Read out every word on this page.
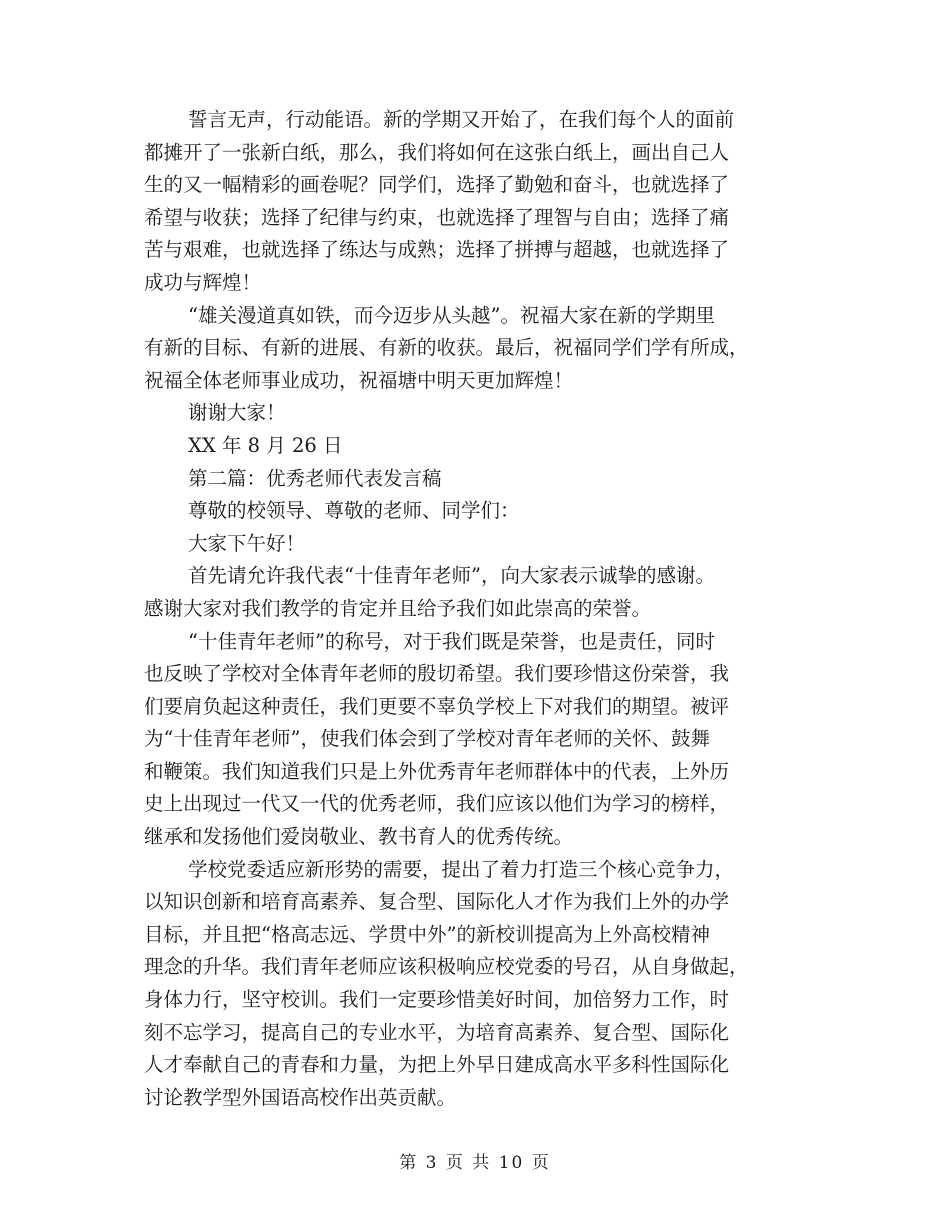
誓言无声，行动能语。新的学期又开始了，在我们每个人的面前
都摊开了一张新白纸，那么，我们将如何在这张白纸上，画出自己人
生的又一幅精彩的画卷呢？同学们，选择了勤勉和奋斗，也就选择了
希望与收获；选择了纪律与约束，也就选择了理智与自由；选择了痛
苦与艰难，也就选择了练达与成熟；选择了拼搏与超越，也就选择了
成功与辉煌！
“雄关漫道真如铁，而今迈步从头越”。祝福大家在新的学期里
有新的目标、有新的进展、有新的收获。最后，祝福同学们学有所成，
祝福全体老师事业成功，祝福塘中明天更加辉煌！
谢谢大家！
XX 年 8 月 26 日
第二篇：优秀老师代表发言稿
尊敬的校领导、尊敬的老师、同学们：
大家下午好！
首先请允许我代表“十佳青年老师”，向大家表示诚挚的感谢。
感谢大家对我们教学的肯定并且给予我们如此崇高的荣誉。
“十佳青年老师”的称号，对于我们既是荣誉，也是责任，同时
也反映了学校对全体青年老师的殷切希望。我们要珍惜这份荣誉，我
们要肩负起这种责任，我们更要不辜负学校上下对我们的期望。被评
为“十佳青年老师”，使我们体会到了学校对青年老师的关怀、鼓舞
和鞭策。我们知道我们只是上外优秀青年老师群体中的代表，上外历
史上出现过一代又一代的优秀老师，我们应该以他们为学习的榜样，
继承和发扬他们爱岗敬业、教书育人的优秀传统。
学校党委适应新形势的需要，提出了着力打造三个核心竞争力，
以知识创新和培育高素养、复合型、国际化人才作为我们上外的办学
目标，并且把“格高志远、学贯中外”的新校训提高为上外高校精神
理念的升华。我们青年老师应该积极响应校党委的号召，从自身做起，
身体力行，坚守校训。我们一定要珍惜美好时间，加倍努力工作，时
刻不忘学习，提高自己的专业水平，为培育高素养、复合型、国际化
人才奉献自己的青春和力量，为把上外早日建成高水平多科性国际化
讨论教学型外国语高校作出英贡献。
第 3 页 共 10 页
